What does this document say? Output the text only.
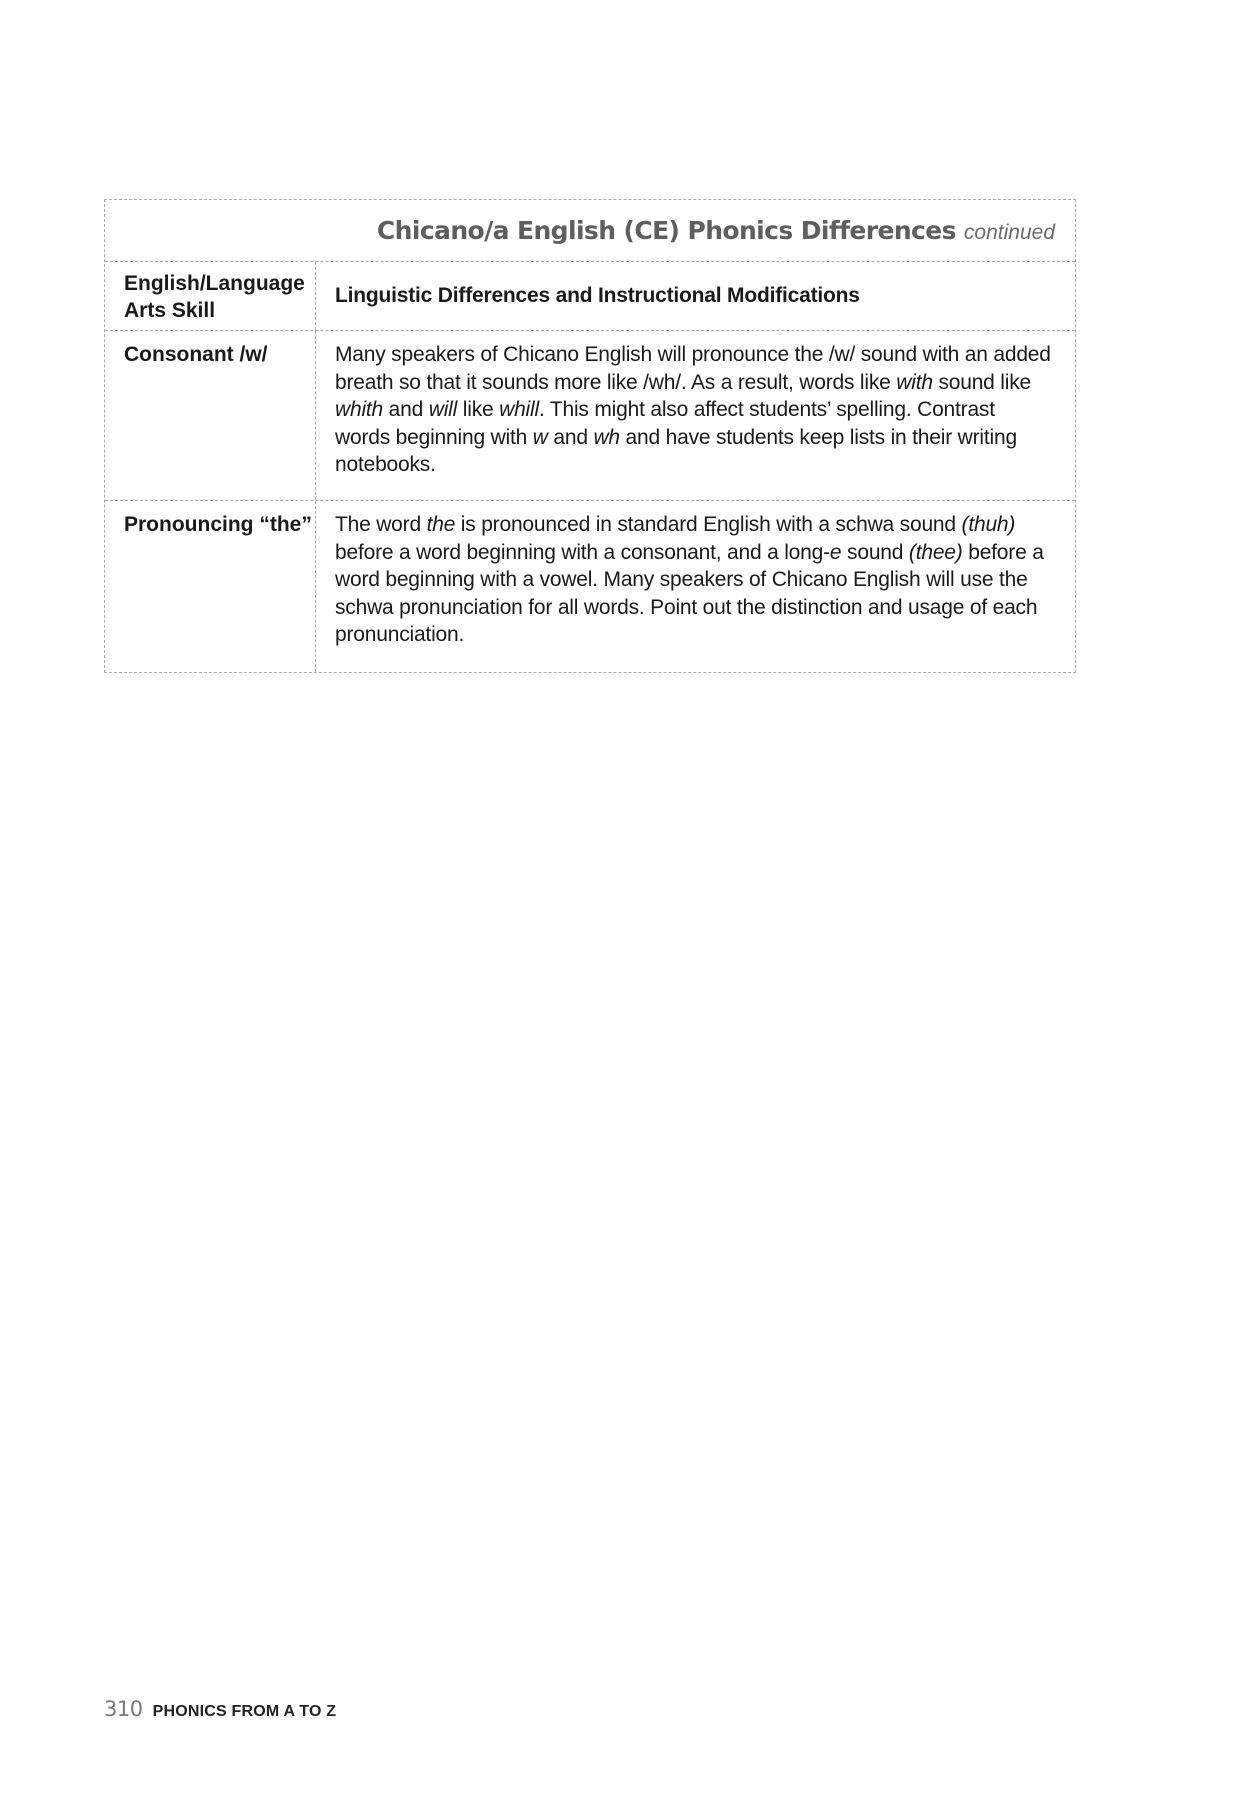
Chicano/a English (CE) Phonics Differences continued
English/Language Arts Skill
Linguistic Differences and Instructional Modifications
Consonant /w/	Many speakers of Chicano English will pronounce the /w/ sound with an added breath so that it sounds more like /wh/. As a result, words like with sound like whith and will like whill. This might also affect students’ spelling. Contrast words beginning with w and wh and have students keep lists in their writing notebooks.
Pronouncing “the”	The word the is pronounced in standard English with a schwa sound (thuh) before a word beginning with a consonant, and a long-e sound (thee) before a word beginning with a vowel. Many speakers of Chicano English will use the schwa pronunciation for all words. Point out the distinction and usage of each pronunciation.
310 PHONICS FROM A TO Z
